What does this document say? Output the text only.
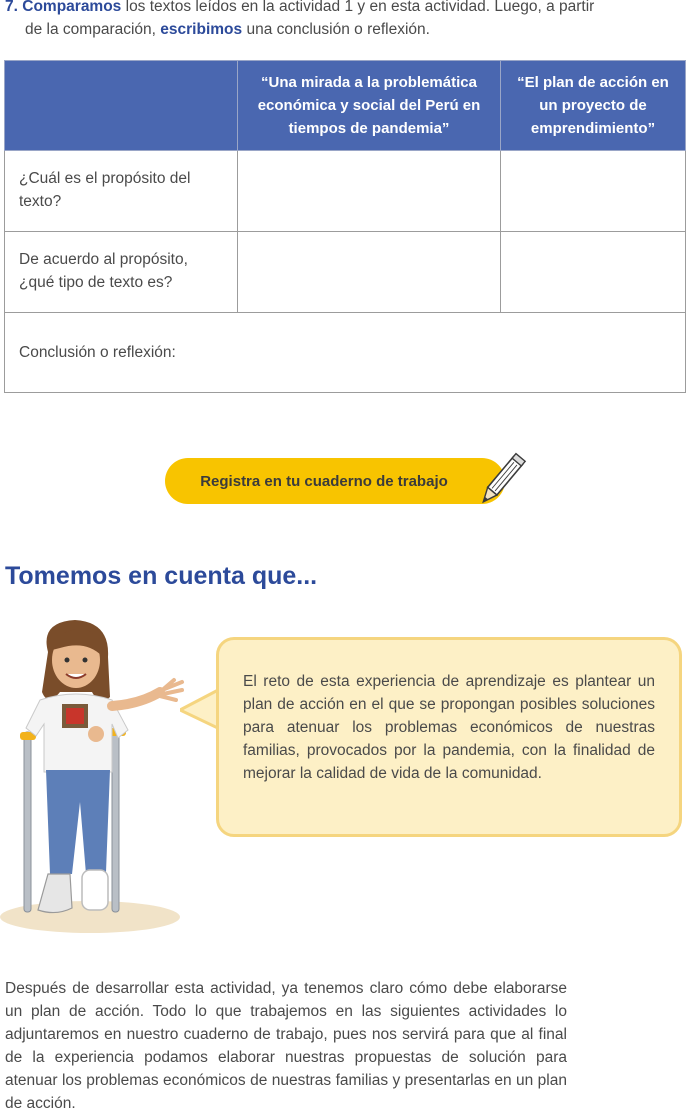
7. Comparamos los textos leídos en la actividad 1 y en esta actividad. Luego, a partir
de la comparación, escribimos una conclusión o reflexión.
	“Una mirada a la problemática económica y social del Perú en tiempos de pandemia”	“El plan de acción en un proyecto de emprendimiento”
¿Cuál es el propósito del texto?		
De acuerdo al propósito, ¿qué tipo de texto es?		
Conclusión o reflexión:		
Registra en tu cuaderno de trabajo
Tomemos en cuenta que...

El reto de esta experiencia de aprendizaje es plantear un plan de acción en el que se propongan posibles soluciones para atenuar los problemas económicos de nuestras familias, provocados por la pandemia, con la finalidad de mejorar la calidad de vida de la comunidad.

Después de desarrollar esta actividad, ya tenemos claro cómo debe elaborarse un plan de acción. Todo lo que trabajemos en las siguientes actividades lo adjuntaremos en nuestro cuaderno de trabajo, pues nos servirá para que al final de la experiencia podamos elaborar nuestras propuestas de solución para atenuar los problemas económicos de nuestras familias y presentarlas en un plan de acción.
